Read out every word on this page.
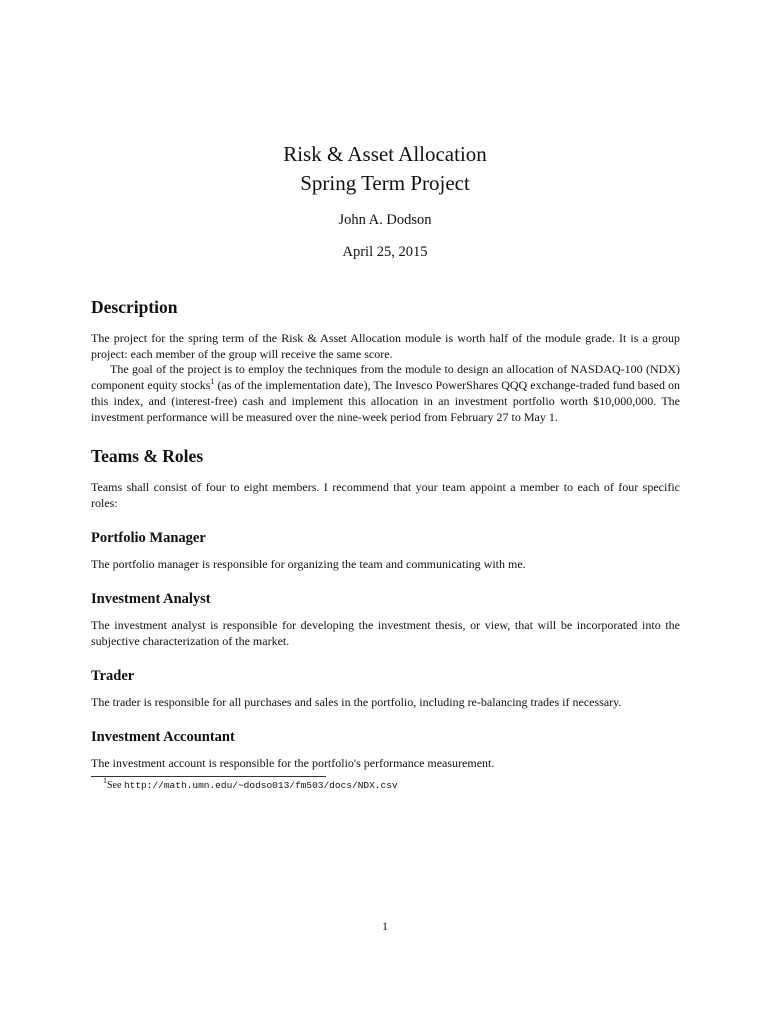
Risk & Asset Allocation
Spring Term Project
John A. Dodson
April 25, 2015
Description
The project for the spring term of the Risk & Asset Allocation module is worth half of the module grade. It is a group project: each member of the group will receive the same score.
The goal of the project is to employ the techniques from the module to design an allocation of NASDAQ-100 (NDX) component equity stocks$^1$ (as of the implementation date), The Invesco PowerShares QQQ exchange-traded fund based on this index, and (interest-free) cash and implement this allocation in an investment portfolio worth $10,000,000. The investment performance will be measured over the nine-week period from February 27 to May 1.
Teams & Roles
Teams shall consist of four to eight members. I recommend that your team appoint a member to each of four specific roles:
Portfolio Manager
The portfolio manager is responsible for organizing the team and communicating with me.
Investment Analyst
The investment analyst is responsible for developing the investment thesis, or view, that will be incorporated into the subjective characterization of the market.
Trader
The trader is responsible for all purchases and sales in the portfolio, including re-balancing trades if necessary.
Investment Accountant
The investment account is responsible for the portfolio's performance measurement.
$^1$See http://math.umn.edu/~dodso013/fm503/docs/NDX.csv
1
